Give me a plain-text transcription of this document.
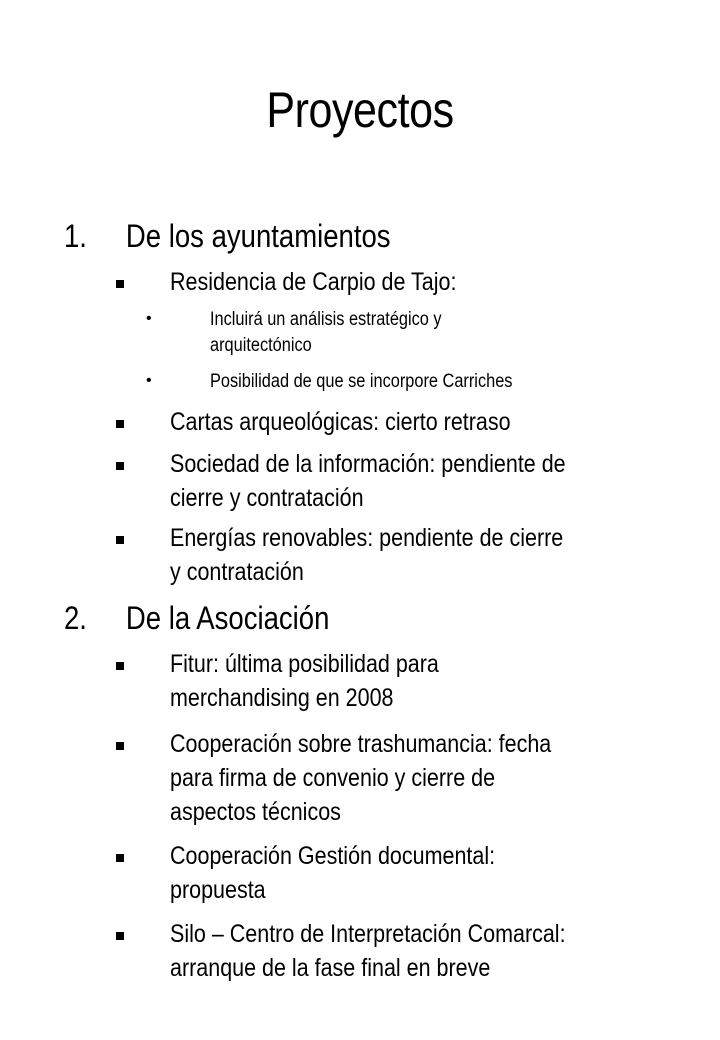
Proyectos
1. De los ayuntamientos
Residencia de Carpio de Tajo:
•	Incluirá un análisis estratégico y
arquitectónico
•	Posibilidad de que se incorpore Carriches
Cartas arqueológicas: cierto retraso
Sociedad de la información: pendiente de
cierre y contratación
Energías renovables: pendiente de cierre
y contratación
2. De la Asociación
Fitur: última posibilidad para
merchandising en 2008
Cooperación sobre trashumancia: fecha
para firma de convenio y cierre de
aspectos técnicos
Cooperación Gestión documental:
propuesta
Silo – Centro de Interpretación Comarcal:
arranque de la fase final en breve
